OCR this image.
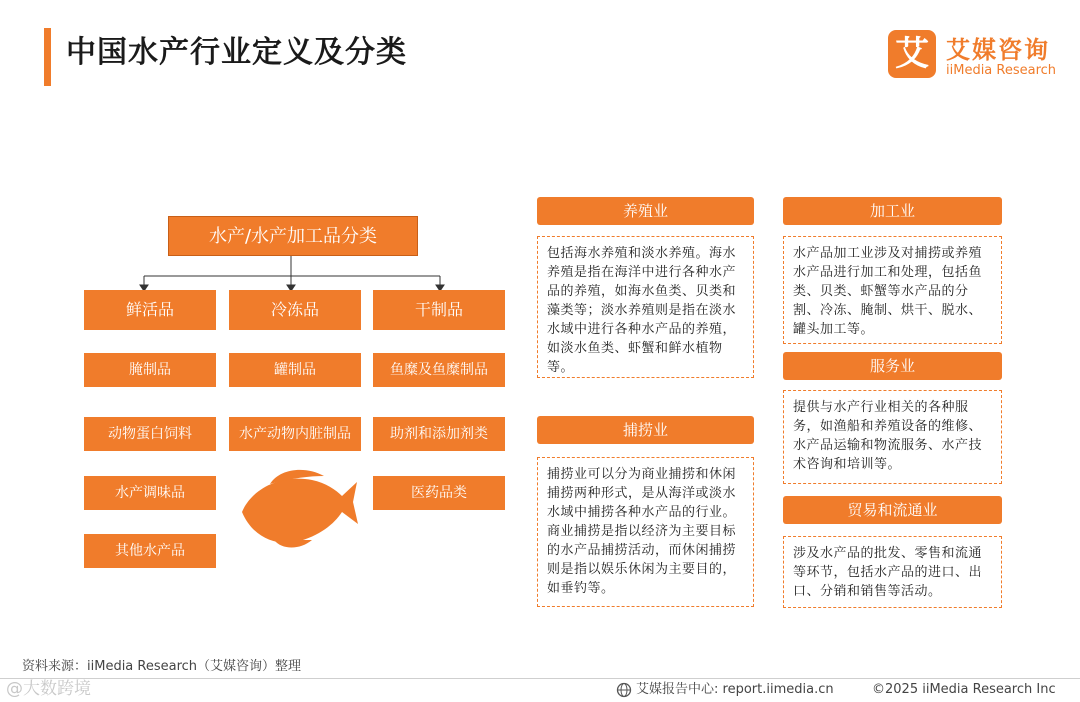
中国水产行业定义及分类	艾 艾媒咨询
iiMedia Research
水产/水产加工品分类
鲜活品	冷冻品	干制品
腌制品
动物蛋白饲料
水产调味品
其他水产品
罐制品
水产动物内脏制品
鱼糜及鱼糜制品
助剂和添加剂类
医药品类
养殖业
包括海水养殖和淡水养殖。海水养殖是指在海洋中进行各种水产品的养殖，如海水鱼类、贝类和藻类等；淡水养殖则是指在淡水水域中进行各种水产品的养殖，如淡水鱼类、虾蟹和鲜水植物等。
捕捞业
捕捞业可以分为商业捕捞和休闲捕捞两种形式，是从海洋或淡水水域中捕捞各种水产品的行业。商业捕捞是指以经济为主要目标的水产品捕捞活动，而休闲捕捞则是指以娱乐休闲为主要目的，如垂钓等。
加工业
水产品加工业涉及对捕捞或养殖水产品进行加工和处理，包括鱼类、贝类、虾蟹等水产品的分割、冷冻、腌制、烘干、脱水、罐头加工等。
服务业
提供与水产行业相关的各种服务，如渔船和养殖设备的维修、水产品运输和物流服务、水产技术咨询和培训等。
贸易和流通业
涉及水产品的批发、零售和流通等环节，包括水产品的进口、出口、分销和销售等活动。
资料来源：iiMedia Research（艾媒咨询）整理
@大数跨境	艾媒报告中心: report.iimedia.cn	©2025 iiMedia Research Inc
